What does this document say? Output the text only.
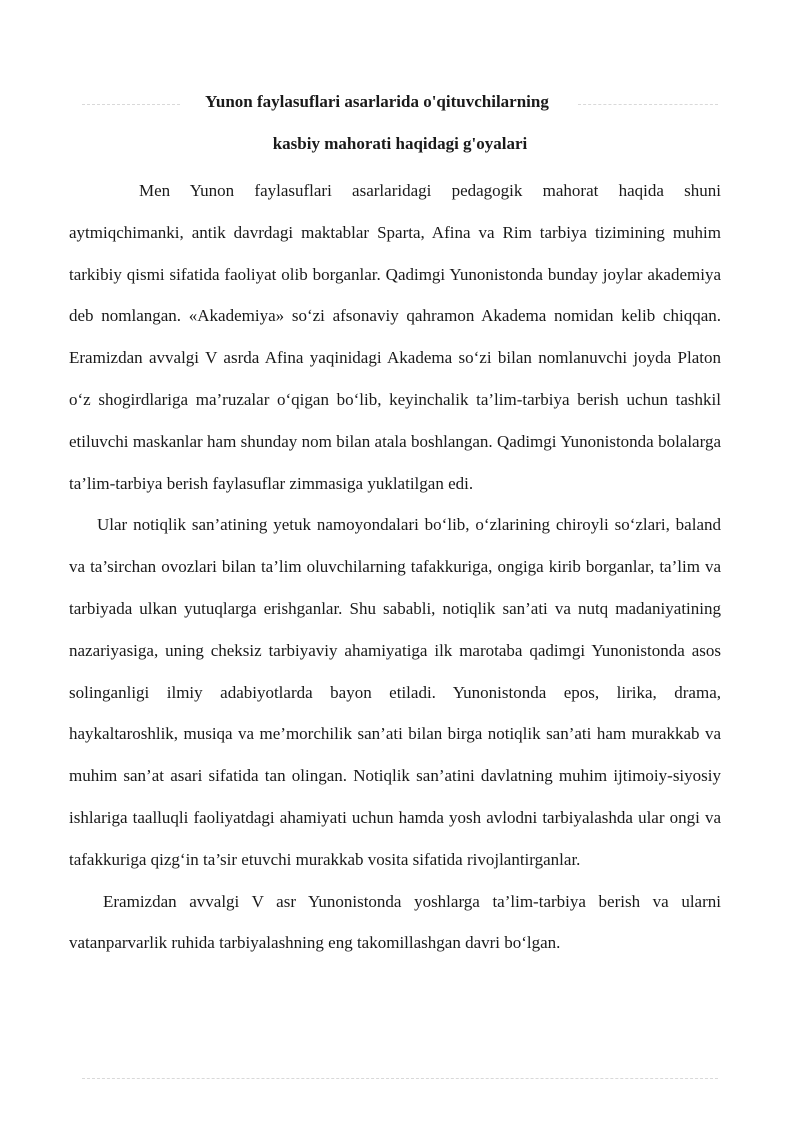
Yunon faylasuflari asarlarida o'qituvchilarning
kasbiy mahorati haqidagi g'oyalari

Men Yunon faylasuflari asarlaridagi pedagogik mahorat haqida shuni aytmiqchimanki, antik davrdagi maktablar Sparta, Afina va Rim tarbiya tizimining muhim tarkibiy qismi sifatida faoliyat olib borganlar. Qadimgi Yunonistonda bunday joylar akademiya deb nomlangan. «Akademiya» so‘zi afsonaviy qahramon Akadema nomidan kelib chiqqan. Eramizdan avvalgi V asrda Afina yaqinidagi Akadema so‘zi bilan nomlanuvchi joyda Platon o‘z shogirdlariga ma’ruzalar o‘qigan bo‘lib, keyinchalik ta’lim-tarbiya berish uchun tashkil etiluvchi maskanlar ham shunday nom bilan atala boshlangan. Qadimgi Yunonistonda bolalarga ta’lim-tarbiya berish faylasuflar zimmasiga yuklatilgan edi.

Ular notiqlik san’atining yetuk namoyondalari bo‘lib, o‘zlarining chiroyli so‘zlari, baland va ta’sirchan ovozlari bilan ta’lim oluvchilarning tafakkuriga, ongiga kirib borganlar, ta’lim va tarbiyada ulkan yutuqlarga erishganlar. Shu sababli, notiqlik san’ati va nutq madaniyatining nazariyasiga, uning cheksiz tarbiyaviy ahamiyatiga ilk marotaba qadimgi Yunonistonda asos solinganligi ilmiy adabiyotlarda bayon etiladi. Yunonistonda epos, lirika, drama, haykaltaroshlik, musiqa va me’morchilik san’ati bilan birga notiqlik san’ati ham murakkab va muhim san’at asari sifatida tan olingan. Notiqlik san’atini davlatning muhim ijtimoiy-siyosiy ishlariga taalluqli faoliyatdagi ahamiyati uchun hamda yosh avlodni tarbiyalashda ular ongi va tafakkuriga qizg‘in ta’sir etuvchi murakkab vosita sifatida rivojlantirganlar.

Eramizdan avvalgi V asr Yunonistonda yoshlarga ta’lim-tarbiya berish va ularni vatanparvarlik ruhida tarbiyalashning eng takomillashgan davri bo‘lgan.
